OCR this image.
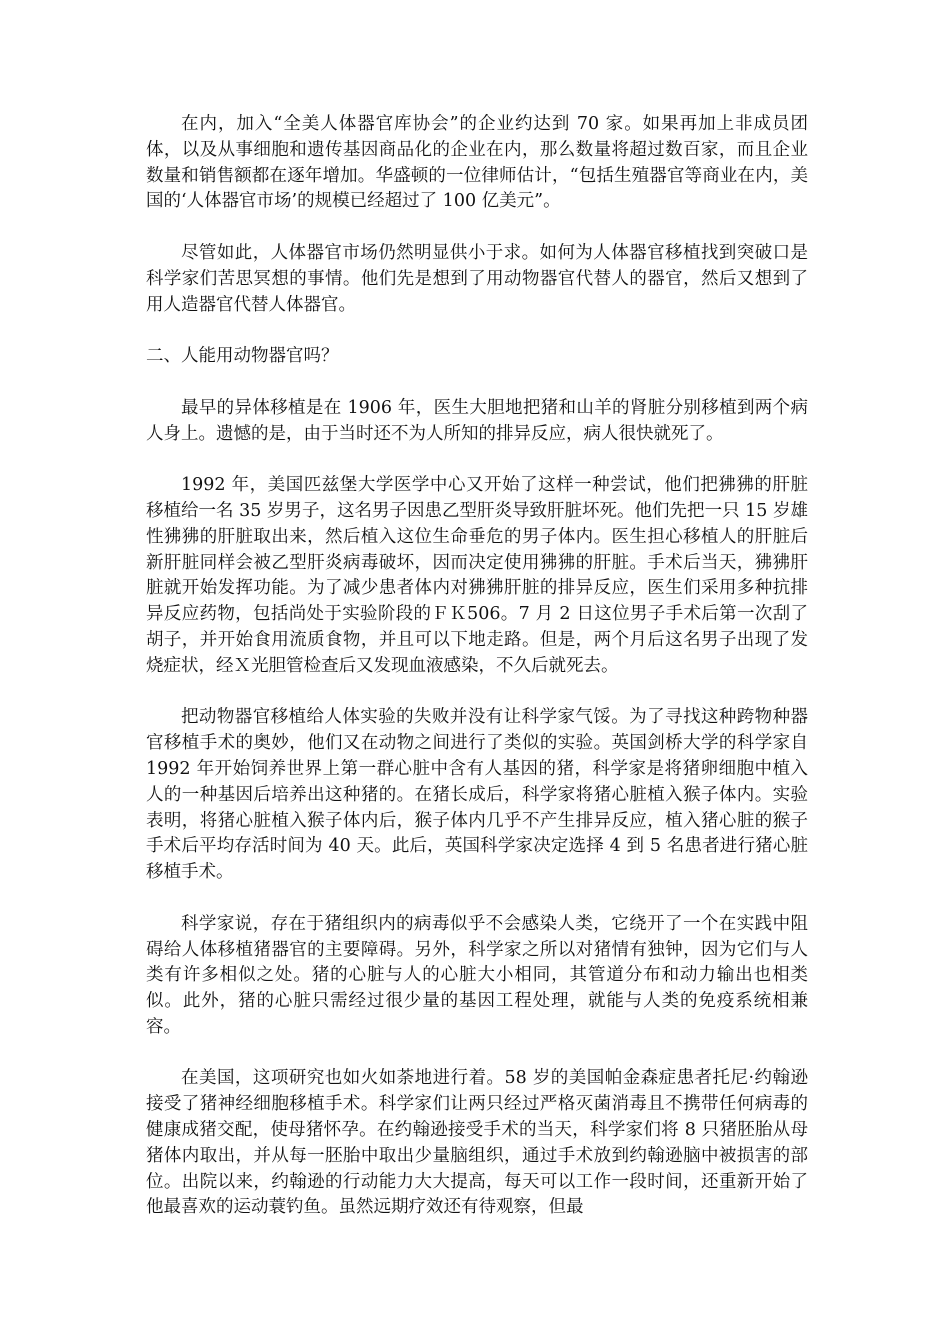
在内，加入“全美人体器官库协会”的企业约达到 70 家。如果再加上非成员团体，以及从事细胞和遗传基因商品化的企业在内，那么数量将超过数百家，而且企业数量和销售额都在逐年增加。华盛顿的一位律师估计，“包括生殖器官等商业在内，美国的‘人体器官市场’的规模已经超过了 100 亿美元”。

尽管如此，人体器官市场仍然明显供小于求。如何为人体器官移植找到突破口是科学家们苦思冥想的事情。他们先是想到了用动物器官代替人的器官，然后又想到了用人造器官代替人体器官。

二、人能用动物器官吗？

最早的异体移植是在 1906 年，医生大胆地把猪和山羊的肾脏分别移植到两个病人身上。遗憾的是，由于当时还不为人所知的排异反应，病人很快就死了。

1992 年，美国匹兹堡大学医学中心又开始了这样一种尝试，他们把狒狒的肝脏移植给一名 35 岁男子，这名男子因患乙型肝炎导致肝脏坏死。他们先把一只 15 岁雄性狒狒的肝脏取出来，然后植入这位生命垂危的男子体内。医生担心移植人的肝脏后新肝脏同样会被乙型肝炎病毒破坏，因而决定使用狒狒的肝脏。手术后当天，狒狒肝脏就开始发挥功能。为了减少患者体内对狒狒肝脏的排异反应，医生们采用多种抗排异反应药物，包括尚处于实验阶段的ＦＫ506。7 月 2 日这位男子手术后第一次刮了胡子，并开始食用流质食物，并且可以下地走路。但是，两个月后这名男子出现了发烧症状，经Ｘ光胆管检查后又发现血液感染，不久后就死去。

把动物器官移植给人体实验的失败并没有让科学家气馁。为了寻找这种跨物种器官移植手术的奥妙，他们又在动物之间进行了类似的实验。英国剑桥大学的科学家自 1992 年开始饲养世界上第一群心脏中含有人基因的猪，科学家是将猪卵细胞中植入人的一种基因后培养出这种猪的。在猪长成后，科学家将猪心脏植入猴子体内。实验表明，将猪心脏植入猴子体内后，猴子体内几乎不产生排异反应，植入猪心脏的猴子手术后平均存活时间为 40 天。此后，英国科学家决定选择 4 到 5 名患者进行猪心脏移植手术。

科学家说，存在于猪组织内的病毒似乎不会感染人类，它绕开了一个在实践中阻碍给人体移植猪器官的主要障碍。另外，科学家之所以对猪情有独钟，因为它们与人类有许多相似之处。猪的心脏与人的心脏大小相同，其管道分布和动力输出也相类似。此外，猪的心脏只需经过很少量的基因工程处理，就能与人类的免疫系统相兼容。

在美国，这项研究也如火如荼地进行着。58 岁的美国帕金森症患者托尼·约翰逊接受了猪神经细胞移植手术。科学家们让两只经过严格灭菌消毒且不携带任何病毒的健康成猪交配，使母猪怀孕。在约翰逊接受手术的当天，科学家们将 8 只猪胚胎从母猪体内取出，并从每一胚胎中取出少量脑组织，通过手术放到约翰逊脑中被损害的部位。出院以来，约翰逊的行动能力大大提高，每天可以工作一段时间，还重新开始了他最喜欢的运动蓑钓鱼。虽然远期疗效还有待观察，但最
